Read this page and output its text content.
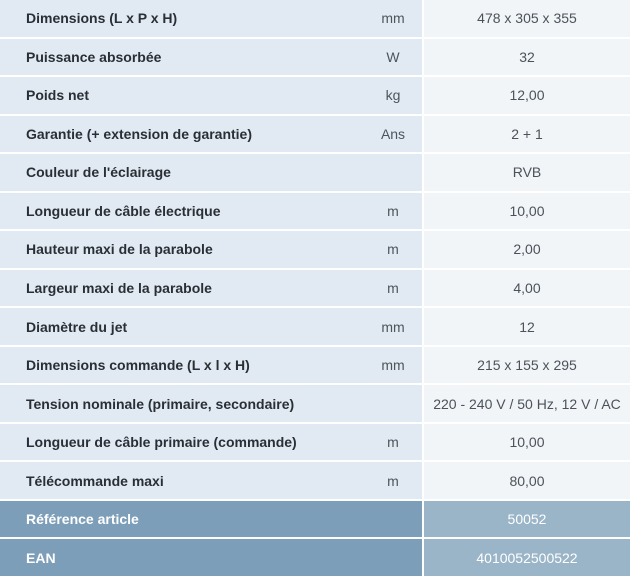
Dimensions (L x P x H)	mm	478 x 305 x 355
Puissance absorbée	W	32
Poids net	kg	12,00
Garantie (+ extension de garantie)	Ans	2 + 1
Couleur de l'éclairage		RVB
Longueur de câble électrique	m	10,00
Hauteur maxi de la parabole	m	2,00
Largeur maxi de la parabole	m	4,00
Diamètre du jet	mm	12
Dimensions commande (L x l x H)	mm	215 x 155 x 295
Tension nominale (primaire, secondaire)		220 - 240 V / 50 Hz, 12 V / AC
Longueur de câble primaire (commande)	m	10,00
Télécommande maxi	m	80,00
Référence article		50052
EAN		4010052500522
